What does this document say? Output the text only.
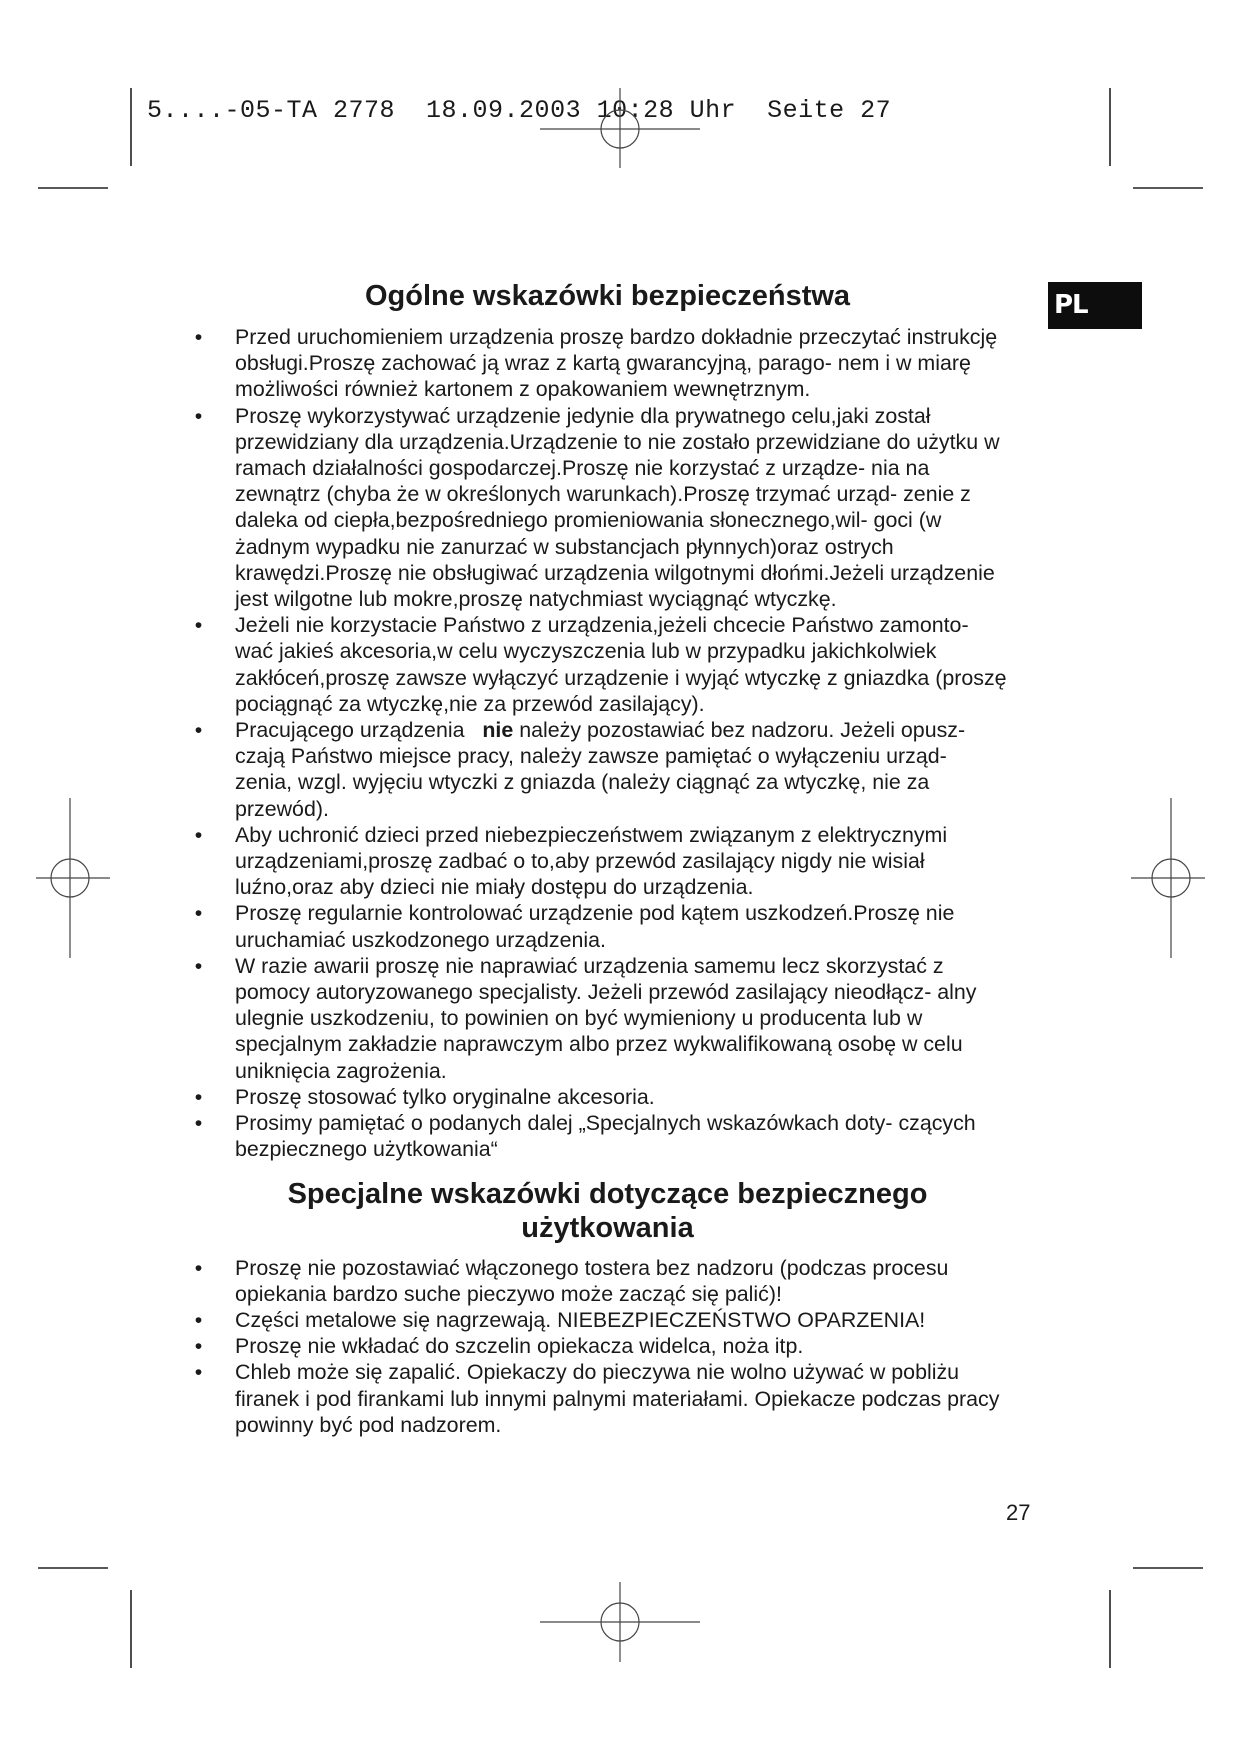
5....-05-TA 2778  18.09.2003 10:28 Uhr  Seite 27
PL
Ogólne wskazówki bezpieczeństwa
• Przed uruchomieniem urządzenia proszę bardzo dokładnie przeczytać instrukcję obsługi.Proszę zachować ją wraz z kartą gwarancyjną, parago- nem i w miarę możliwości również kartonem z opakowaniem wewnętrznym.
• Proszę wykorzystywać urządzenie jedynie dla prywatnego celu,jaki został przewidziany dla urządzenia.Urządzenie to nie zostało przewidziane do użytku w ramach działalności gospodarczej.Proszę nie korzystać z urządze- nia na zewnątrz (chyba że w określonych warunkach).Proszę trzymać urząd- zenie z daleka od ciepła,bezpośredniego promieniowania słonecznego,wil- goci (w żadnym wypadku nie zanurzać w substancjach płynnych)oraz ostrych krawędzi.Proszę nie obsługiwać urządzenia wilgotnymi dłońmi.Jeżeli urządzenie jest wilgotne lub mokre,proszę natychmiast wyciągnąć wtyczkę.
• Jeżeli nie korzystacie Państwo z urządzenia,jeżeli chcecie Państwo zamonto- wać jakieś akcesoria,w celu wyczyszczenia lub w przypadku jakichkolwiek zakłóceń,proszę zawsze wyłączyć urządzenie i wyjąć wtyczkę z gniazdka (proszę pociągnąć za wtyczkę,nie za przewód zasilający).
• Pracującego urządzenia nie należy pozostawiać bez nadzoru. Jeżeli opusz- czają Państwo miejsce pracy, należy zawsze pamiętać o wyłączeniu urząd- zenia, wzgl. wyjęciu wtyczki z gniazda (należy ciągnąć za wtyczkę, nie za przewód).
• Aby uchronić dzieci przed niebezpieczeństwem związanym z elektrycznymi urządzeniami,proszę zadbać o to,aby przewód zasilający nigdy nie wisiał luźno,oraz aby dzieci nie miały dostępu do urządzenia.
• Proszę regularnie kontrolować urządzenie pod kątem uszkodzeń.Proszę nie uruchamiać uszkodzonego urządzenia.
• W razie awarii proszę nie naprawiać urządzenia samemu lecz skorzystać z pomocy autoryzowanego specjalisty. Jeżeli przewód zasilający nieodłącz- alny ulegnie uszkodzeniu, to powinien on być wymieniony u producenta lub w specjalnym zakładzie naprawczym albo przez wykwalifikowaną osobę w celu uniknięcia zagrożenia.
• Proszę stosować tylko oryginalne akcesoria.
• Prosimy pamiętać o podanych dalej „Specjalnych wskazówkach doty- czących bezpiecznego użytkowania“
Specjalne wskazówki dotyczące bezpiecznego użytkowania
• Proszę nie pozostawiać włączonego tostera bez nadzoru (podczas procesu opiekania bardzo suche pieczywo może zacząć się palić)!
• Części metalowe się nagrzewają. NIEBEZPIECZEŃSTWO OPARZENIA!
• Proszę nie wkładać do szczelin opiekacza widelca, noża itp.
• Chleb może się zapalić. Opiekaczy do pieczywa nie wolno używać w pobliżu firanek i pod firankami lub innymi palnymi materiałami. Opiekacze podczas pracy powinny być pod nadzorem.
27
